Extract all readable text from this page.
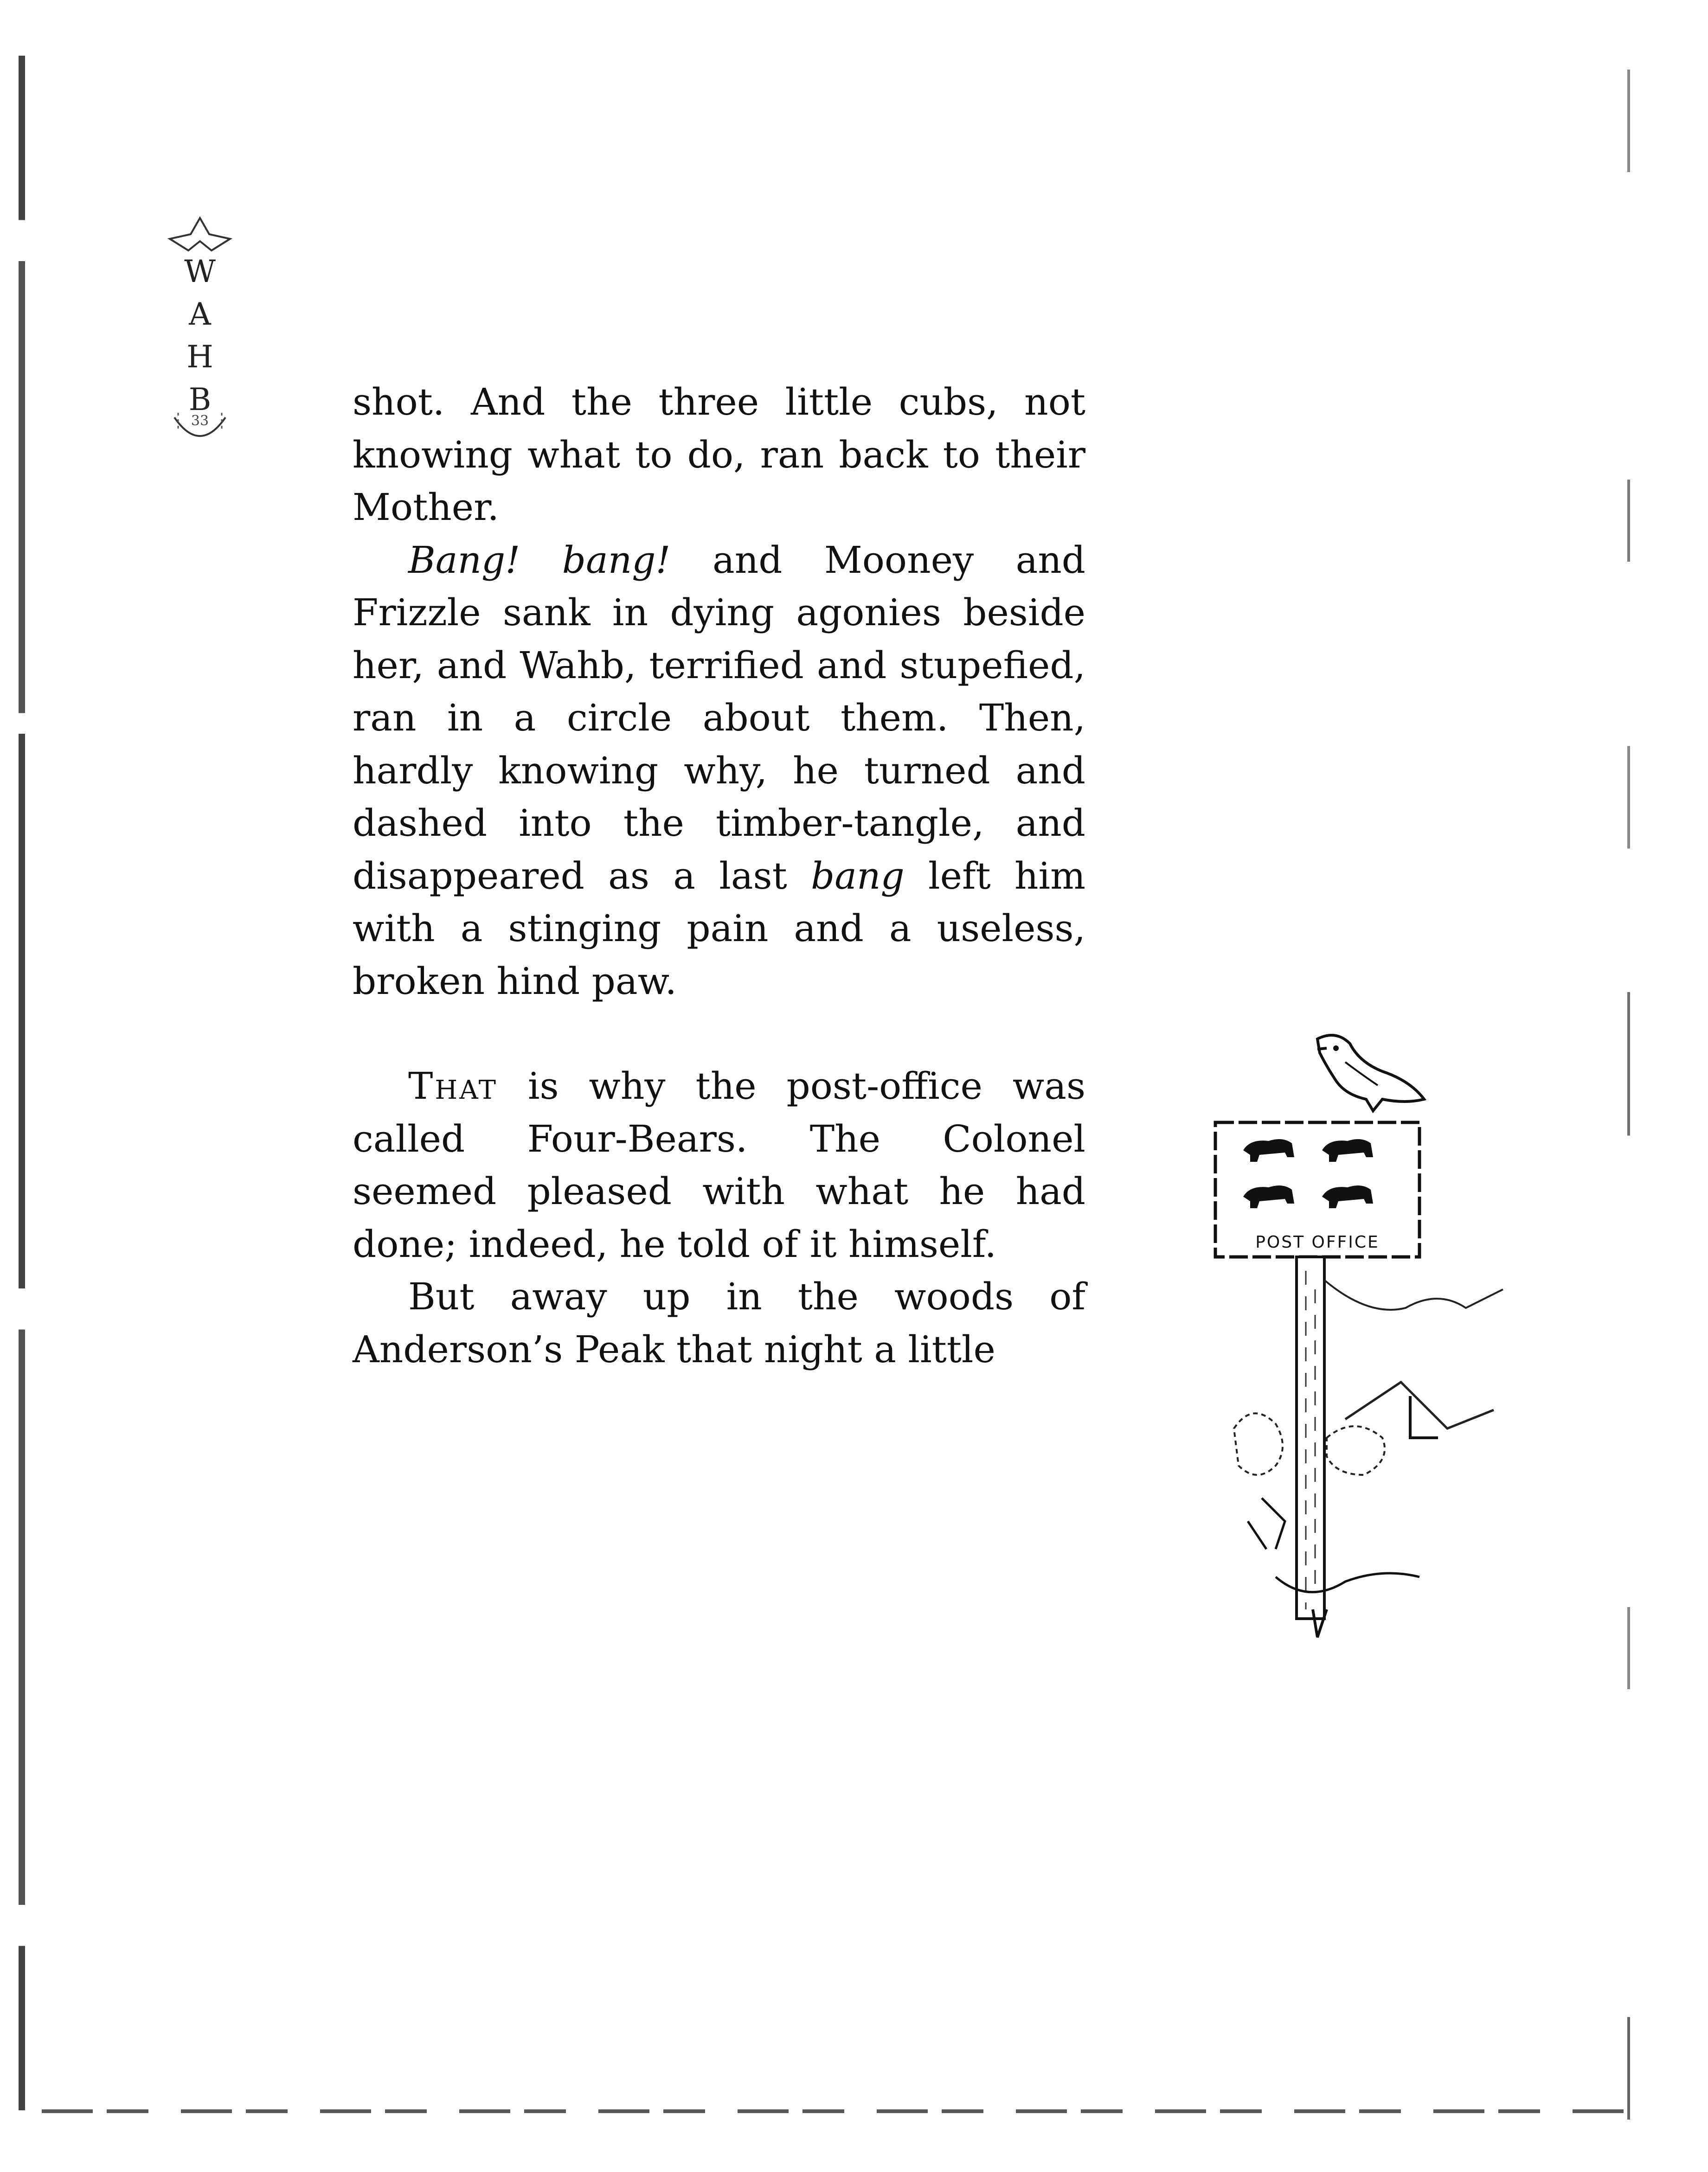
W
A
H
B
33	shot. And the three little cubs, not knowing what to do, ran back to their Mother.

Bang! bang! and Mooney and Frizzle sank in dying agonies beside her, and Wahb, terrified and stupefied, ran in a circle about them. Then, hardly knowing why, he turned and dashed into the timber-tangle, and disappeared as a last bang left him with a stinging pain and a useless, broken hind paw.

That is why the post-office was called Four-Bears. The Colonel seemed pleased with what he had done; indeed, he told of it himself.

But away up in the woods of Anderson’s Peak that night a little

POST OFFICE
